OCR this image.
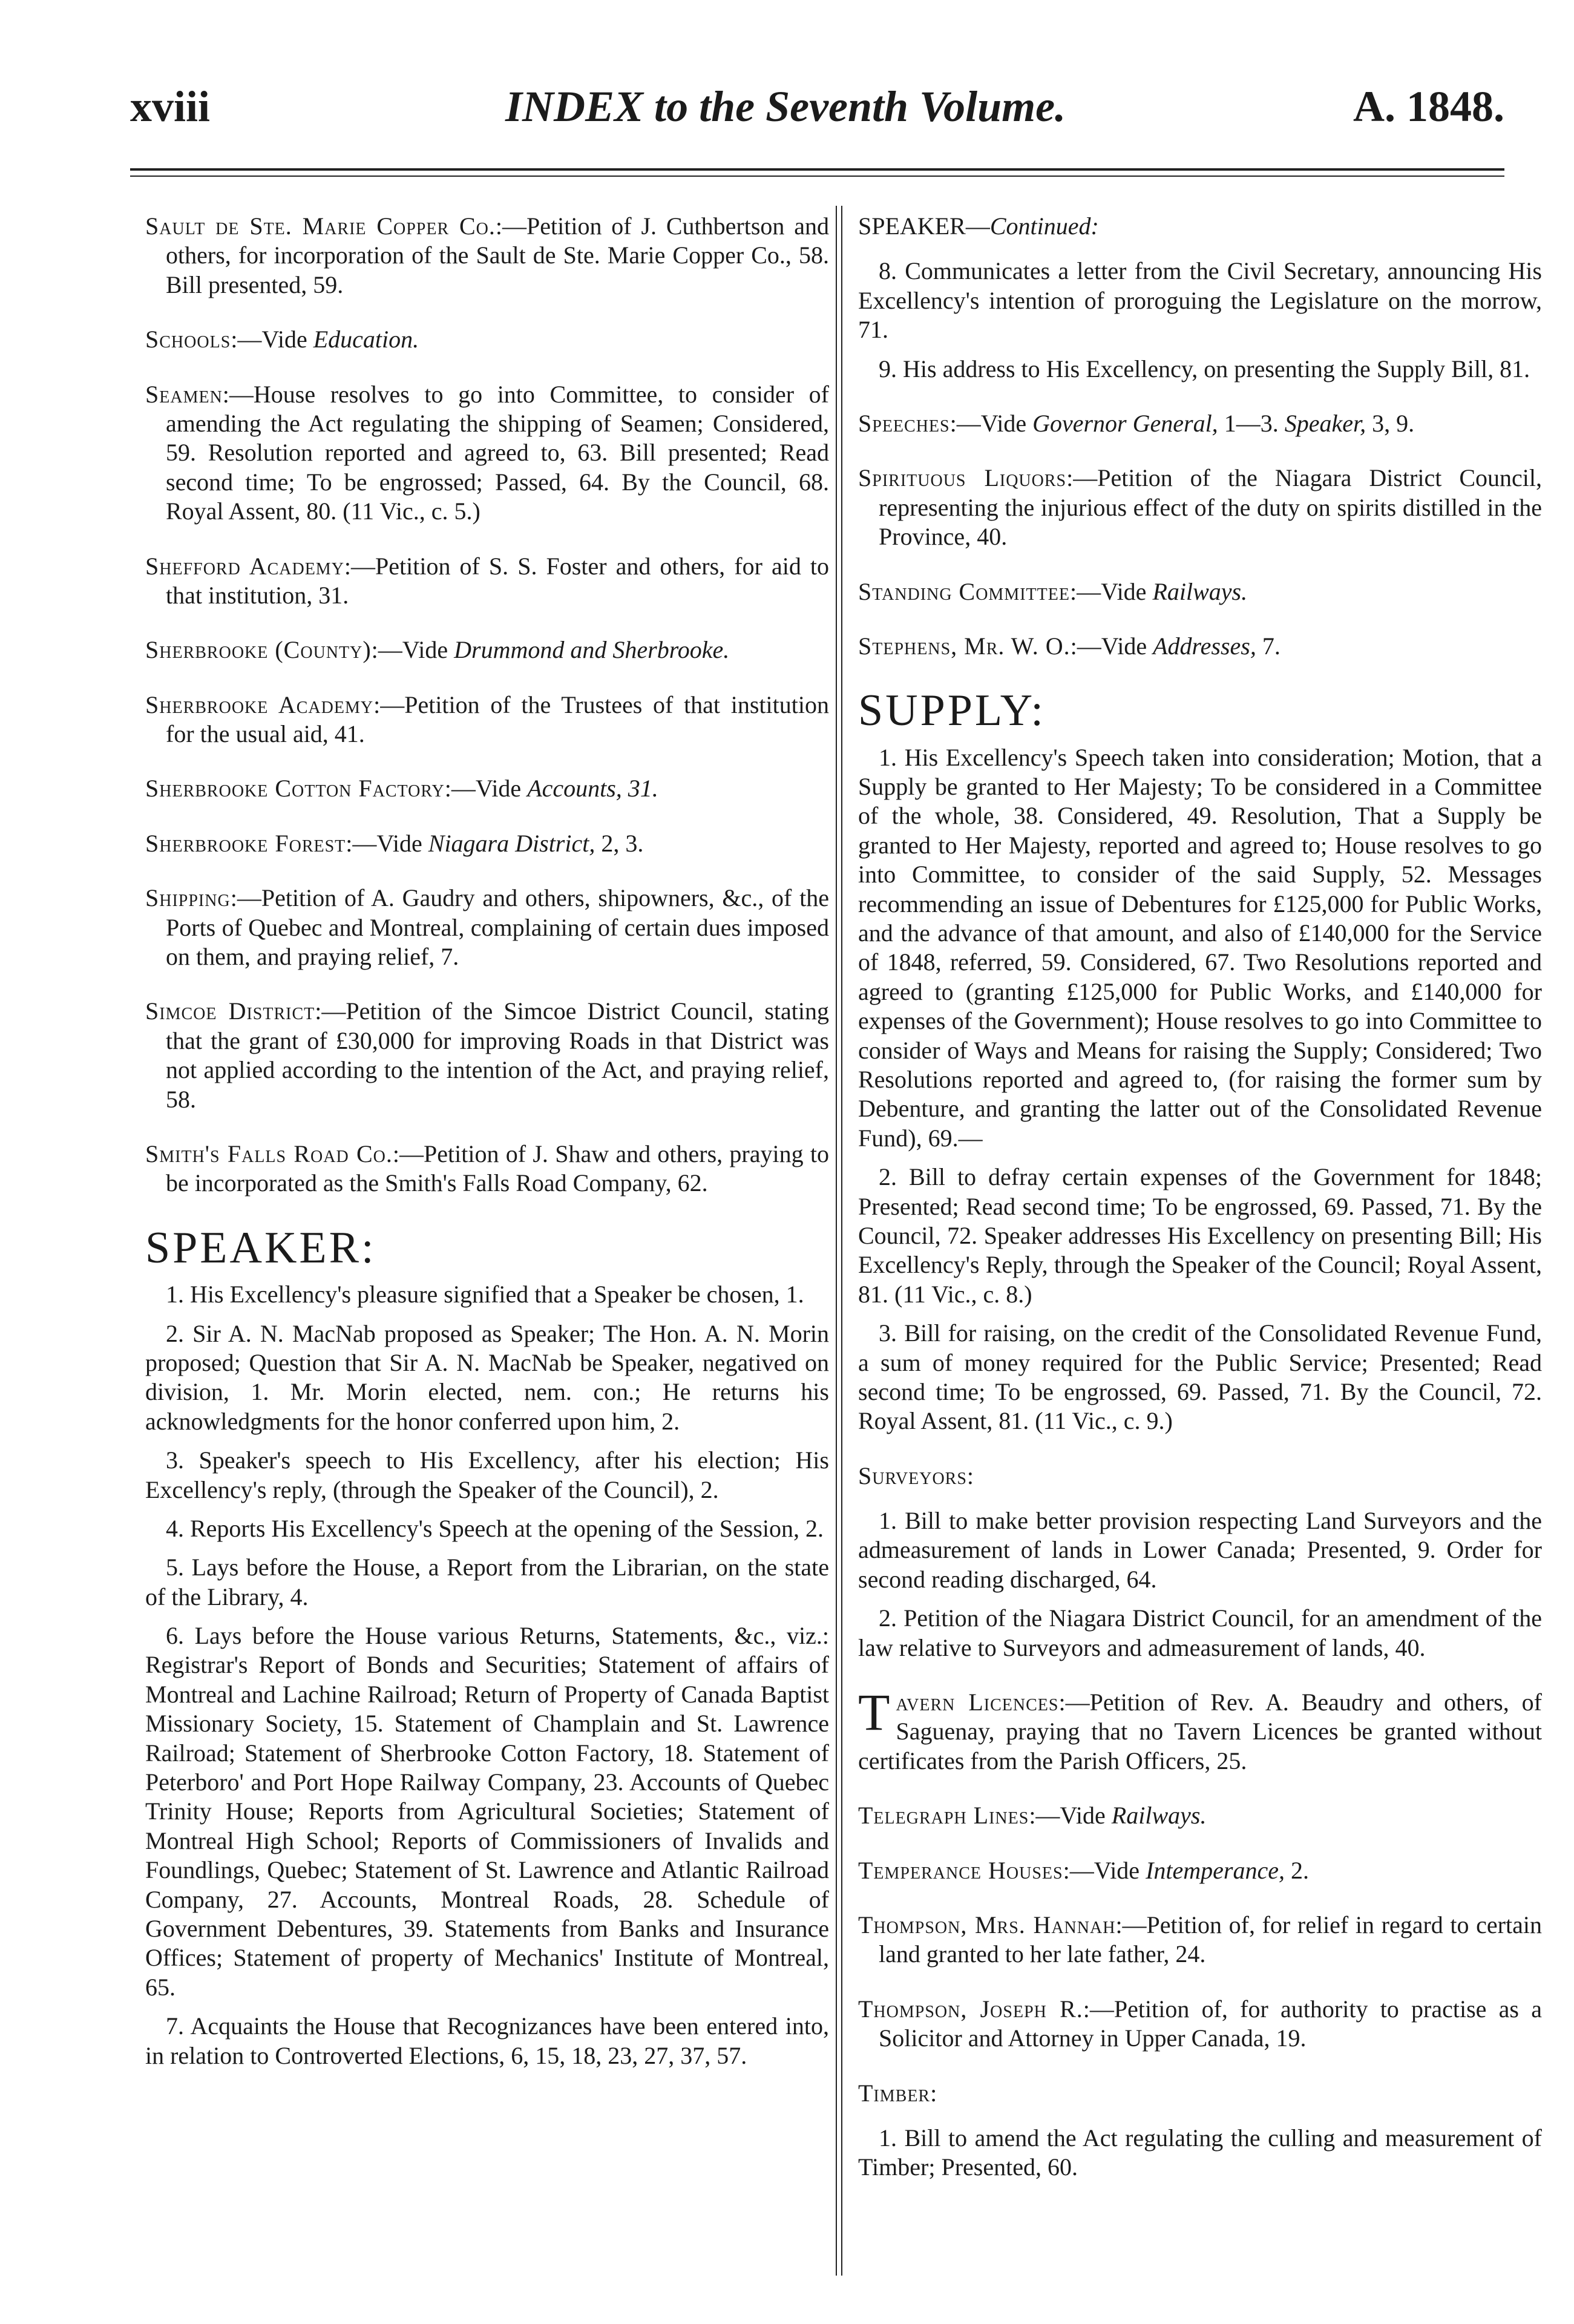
xviii	INDEX to the Seventh Volume.	A. 1848.

Sault de Ste. Marie Copper Co.:—Petition of J. Cuthbertson and others, for incorporation of the Sault de Ste. Marie Copper Co., 58. Bill presented, 59.

Schools:—Vide Education.

Seamen:—House resolves to go into Committee, to consider of amending the Act regulating the shipping of Seamen; Considered, 59. Resolution reported and agreed to, 63. Bill presented; Read second time; To be engrossed; Passed, 64. By the Council, 68. Royal Assent, 80. (11 Vic., c. 5.)

Shefford Academy:—Petition of S. S. Foster and others, for aid to that institution, 31.

Sherbrooke (County):—Vide Drummond and Sherbrooke.

Sherbrooke Academy:—Petition of the Trustees of that institution for the usual aid, 41.

Sherbrooke Cotton Factory:—Vide Accounts, 31.

Sherbrooke Forest:—Vide Niagara District, 2, 3.

Shipping:—Petition of A. Gaudry and others, shipowners, &c., of the Ports of Quebec and Montreal, complaining of certain dues imposed on them, and praying relief, 7.

Simcoe District:—Petition of the Simcoe District Council, stating that the grant of £30,000 for improving Roads in that District was not applied according to the intention of the Act, and praying relief, 58.

Smith's Falls Road Co.:—Petition of J. Shaw and others, praying to be incorporated as the Smith's Falls Road Company, 62.

SPEAKER:

1. His Excellency's pleasure signified that a Speaker be chosen, 1.

2. Sir A. N. MacNab proposed as Speaker; The Hon. A. N. Morin proposed; Question that Sir A. N. MacNab be Speaker, negatived on division, 1. Mr. Morin elected, nem. con.; He returns his acknowledgments for the honor conferred upon him, 2.

3. Speaker's speech to His Excellency, after his election; His Excellency's reply, (through the Speaker of the Council), 2.

4. Reports His Excellency's Speech at the opening of the Session, 2.

5. Lays before the House, a Report from the Librarian, on the state of the Library, 4.

6. Lays before the House various Returns, Statements, &c., viz.: Registrar's Report of Bonds and Securities; Statement of affairs of Montreal and Lachine Railroad; Return of Property of Canada Baptist Missionary Society, 15. Statement of Champlain and St. Lawrence Railroad; Statement of Sherbrooke Cotton Factory, 18. Statement of Peterboro' and Port Hope Railway Company, 23. Accounts of Quebec Trinity House; Reports from Agricultural Societies; Statement of Montreal High School; Reports of Commissioners of Invalids and Foundlings, Quebec; Statement of St. Lawrence and Atlantic Railroad Company, 27. Accounts, Montreal Roads, 28. Schedule of Government Debentures, 39. Statements from Banks and Insurance Offices; Statement of property of Mechanics' Institute of Montreal, 65.

7. Acquaints the House that Recognizances have been entered into, in relation to Controverted Elections, 6, 15, 18, 23, 27, 37, 57.

SPEAKER—Continued:

8. Communicates a letter from the Civil Secretary, announcing His Excellency's intention of proroguing the Legislature on the morrow, 71.

9. His address to His Excellency, on presenting the Supply Bill, 81.

Speeches:—Vide Governor General, 1—3. Speaker, 3, 9.

Spirituous Liquors:—Petition of the Niagara District Council, representing the injurious effect of the duty on spirits distilled in the Province, 40.

Standing Committee:—Vide Railways.

Stephens, Mr. W. O.:—Vide Addresses, 7.

SUPPLY:

1. His Excellency's Speech taken into consideration; Motion, that a Supply be granted to Her Majesty; To be considered in a Committee of the whole, 38. Considered, 49. Resolution, That a Supply be granted to Her Majesty, reported and agreed to; House resolves to go into Committee, to consider of the said Supply, 52. Messages recommending an issue of Debentures for £125,000 for Public Works, and the advance of that amount, and also of £140,000 for the Service of 1848, referred, 59. Considered, 67. Two Resolutions reported and agreed to (granting £125,000 for Public Works, and £140,000 for expenses of the Government); House resolves to go into Committee to consider of Ways and Means for raising the Supply; Considered; Two Resolutions reported and agreed to, (for raising the former sum by Debenture, and granting the latter out of the Consolidated Revenue Fund), 69.—

2. Bill to defray certain expenses of the Government for 1848; Presented; Read second time; To be engrossed, 69. Passed, 71. By the Council, 72. Speaker addresses His Excellency on presenting Bill; His Excellency's Reply, through the Speaker of the Council; Royal Assent, 81. (11 Vic., c. 8.)

3. Bill for raising, on the credit of the Consolidated Revenue Fund, a sum of money required for the Public Service; Presented; Read second time; To be engrossed, 69. Passed, 71. By the Council, 72. Royal Assent, 81. (11 Vic., c. 9.)

Surveyors:

1. Bill to make better provision respecting Land Surveyors and the admeasurement of lands in Lower Canada; Presented, 9. Order for second reading discharged, 64.

2. Petition of the Niagara District Council, for an amendment of the law relative to Surveyors and admeasurement of lands, 40.

Tavern Licences:—Petition of Rev. A. Beaudry and others, of Saguenay, praying that no Tavern Licences be granted without certificates from the Parish Officers, 25.

Telegraph Lines:—Vide Railways.

Temperance Houses:—Vide Intemperance, 2.

Thompson, Mrs. Hannah:—Petition of, for relief in regard to certain land granted to her late father, 24.

Thompson, Joseph R.:—Petition of, for authority to practise as a Solicitor and Attorney in Upper Canada, 19.

Timber:

1. Bill to amend the Act regulating the culling and measurement of Timber; Presented, 60.
